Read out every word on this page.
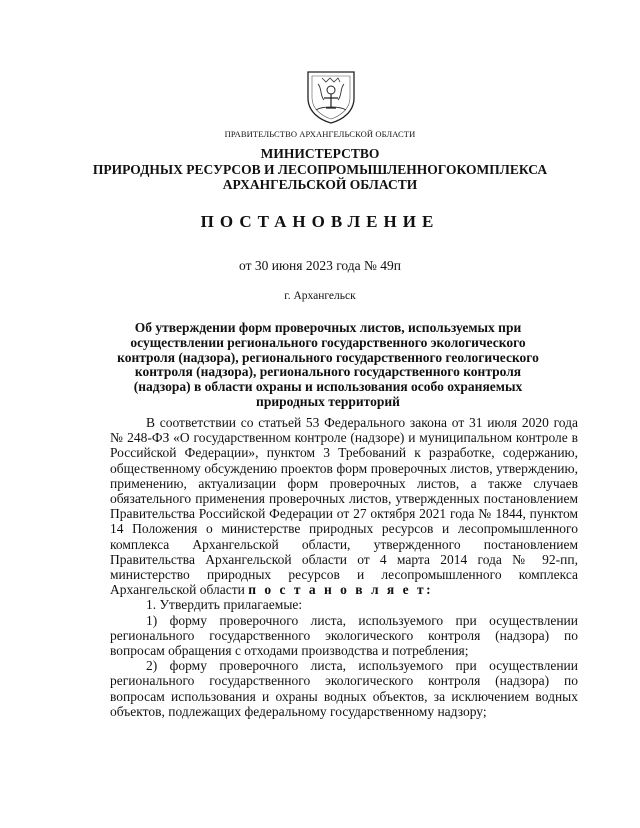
ПРАВИТЕЛЬСТВО АРХАНГЕЛЬСКОЙ ОБЛАСТИ
МИНИСТЕРСТВО
ПРИРОДНЫХ РЕСУРСОВ И ЛЕСОПРОМЫШЛЕННОГОКОМПЛЕКСА
АРХАНГЕЛЬСКОЙ ОБЛАСТИ
ПОСТАНОВЛЕНИЕ
от 30 июня 2023 года № 49п
г. Архангельск
Об утверждении форм проверочных листов, используемых при осуществлении регионального государственного экологического контроля (надзора), регионального государственного геологического контроля (надзора), регионального государственного контроля (надзора) в области охраны и использования особо охраняемых природных территорий

В соответствии со статьей 53 Федерального закона от 31 июля 2020 года № 248-ФЗ «О государственном контроле (надзоре) и муниципальном контроле в Российской Федерации», пунктом 3 Требований к разработке, содержанию, общественному обсуждению проектов форм проверочных листов, утверждению, применению, актуализации форм проверочных листов, а также случаев обязательного применения проверочных листов, утвержденных постановлением Правительства Российской Федерации от 27 октября 2021 года № 1844, пунктом 14 Положения о министерстве природных ресурсов и лесопромышленного комплекса Архангельской области, утвержденного постановлением Правительства Архангельской области от 4 марта 2014 года № 92-пп, министерство природных ресурсов и лесопромышленного комплекса Архангельской области п о с т а н о в л я е т:

1. Утвердить прилагаемые:

1) форму проверочного листа, используемого при осуществлении регионального государственного экологического контроля (надзора) по вопросам обращения с отходами производства и потребления;

2) форму проверочного листа, используемого при осуществлении регионального государственного экологического контроля (надзора) по вопросам использования и охраны водных объектов, за исключением водных объектов, подлежащих федеральному государственному надзору;
